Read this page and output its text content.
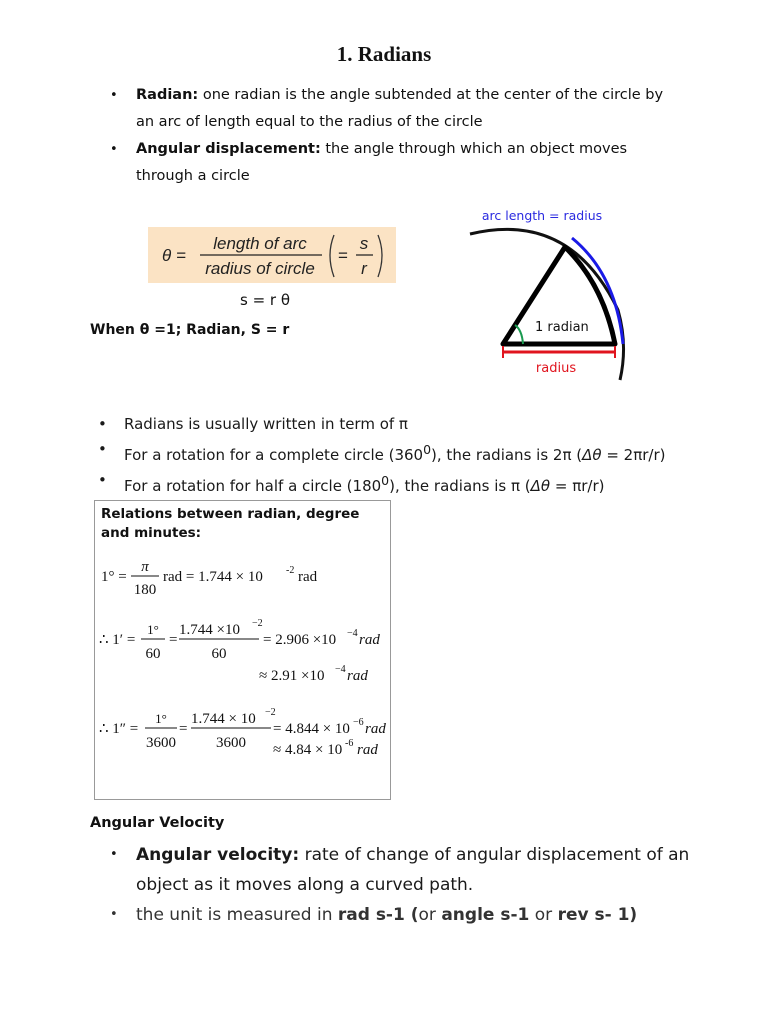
1. Radians
• Radian: one radian is the angle subtended at the center of the circle by an arc of length equal to the radius of the circle
• Angular displacement: the angle through which an object moves through a circle
θ =
length of arc
radius of circle
=
s
r
s = r θ
When θ =1; Radian, S = r
arc length = radius
1 radian
radius
• Radians is usually written in term of π
• For a rotation for a complete circle $(360^0)$, the radians is 2π (Δθ = 2πr/r)
• For a rotation for half a circle $(180^0)$, the radians is π (Δθ = πr/r)
Relations between radian, degree and minutes:
1° =
π
180
rad = 1.744 × 10 -2 rad
∴ 1′ =
1°
60
=
1.744 ×10 −2
60
= 2.906 ×10 −4 rad
≈ 2.91 ×10 −4 rad
∴ 1″ =
1°
3600
=
1.744 × 10 −2
3600
= 4.844 × 10 −6 rad
≈ 4.84 × 10 -6 rad
Angular Velocity
• Angular velocity: rate of change of angular displacement of an object as it moves along a curved path.
• the unit is measured in rad s-1 (or angle s-1 or rev s- 1)
